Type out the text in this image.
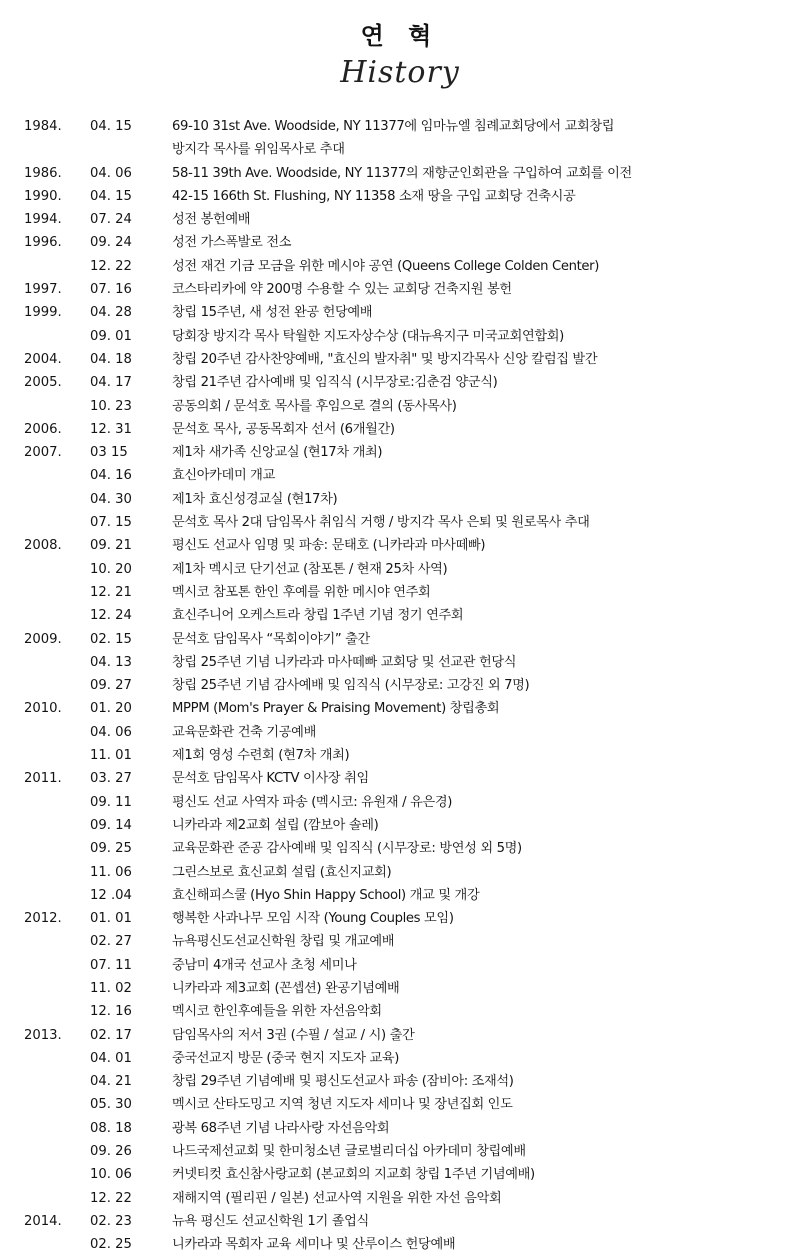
연 혁
History
1984.	04. 15	69-10 31st Ave. Woodside, NY 11377에 임마뉴엘 침례교회당에서 교회창립
방지각 목사를 위임목사로 추대
1986.	04. 06	58-11 39th Ave. Woodside, NY 11377의 재향군인회관을 구입하여 교회를 이전
1990.	04. 15	42-15 166th St. Flushing, NY 11358 소재 땅을 구입 교회당 건축시공
1994.	07. 24	성전 봉헌예배
1996.	09. 24	성전 가스폭발로 전소
12. 22	성전 재건 기금 모금을 위한 메시야 공연 (Queens College Colden Center)
1997.	07. 16	코스타리카에 약 200명 수용할 수 있는 교회당 건축지원 봉헌
1999.	04. 28	창립 15주년, 새 성전 완공 헌당예배
09. 01	당회장 방지각 목사 탁월한 지도자상수상 (대뉴욕지구 미국교회연합회)
2004.	04. 18	창립 20주년 감사찬양예배, "효신의 발자취" 및 방지각목사 신앙 칼럼집 발간
2005.	04. 17	창립 21주년 감사예배 및 임직식 (시무장로:김춘검 양군식)
10. 23	공동의회 / 문석호 목사를 후임으로 결의 (동사목사)
2006.	12. 31	문석호 목사, 공동목회자 선서 (6개월간)
2007.	03 15	제1차 새가족 신앙교실 (현17차 개최)
04. 16	효신아카데미 개교
04. 30	제1차 효신성경교실 (현17차)
07. 15	문석호 목사 2대 담임목사 취임식 거행 / 방지각 목사 은퇴 및 원로목사 추대
2008.	09. 21	평신도 선교사 임명 및 파송: 문태호 (니카라과 마사떼빠)
10. 20	제1차 멕시코 단기선교 (참포톤 / 현재 25차 사역)
12. 21	멕시코 참포톤 한인 후예를 위한 메시야 연주회
12. 24	효신주니어 오케스트라 창립 1주년 기념 정기 연주회
2009.	02. 15	문석호 담임목사 “목회이야기” 출간
04. 13	창립 25주년 기념 니카라과 마사떼빠 교회당 및 선교관 헌당식
09. 27	창립 25주년 기념 감사예배 및 임직식 (시무장로: 고강진 외 7명)
2010.	01. 20	MPPM (Mom's Prayer & Praising Movement) 창립총회
04. 06	교육문화관 건축 기공예배
11. 01	제1회 영성 수련회 (현7차 개최)
2011.	03. 27	문석호 담임목사 KCTV 이사장 취임
09. 11	평신도 선교 사역자 파송 (멕시코: 유원재 / 유은경)
09. 14	니카라과 제2교회 설립 (깜보아 솔레)
09. 25	교육문화관 준공 감사예배 및 임직식 (시무장로: 방연성 외 5명)
11. 06	그린스보로 효신교회 설립 (효신지교회)
12 .04	효신해피스쿨 (Hyo Shin Happy School) 개교 및 개강
2012.	01. 01	행복한 사과나무 모임 시작 (Young Couples 모임)
02. 27	뉴욕평신도선교신학원 창립 및 개교예배
07. 11	중남미 4개국 선교사 초청 세미나
11. 02	니카라과 제3교회 (꼰셉션) 완공기념예배
12. 16	멕시코 한인후예들을 위한 자선음악회
2013.	02. 17	담임목사의 저서 3권 (수필 / 설교 / 시) 출간
04. 01	중국선교지 방문 (중국 현지 지도자 교육)
04. 21	창립 29주년 기념예배 및 평신도선교사 파송 (잠비아: 조재석)
05. 30	멕시코 산타도밍고 지역 청년 지도자 세미나 및 장년집회 인도
08. 18	광복 68주년 기념 나라사랑 자선음악회
09. 26	나드국제선교회 및 한미청소년 글로벌리더십 아카데미 창립예배
10. 06	커넷티컷 효신참사랑교회 (본교회의 지교회 창립 1주년 기념예배)
12. 22	재해지역 (필리핀 / 일본) 선교사역 지원을 위한 자선 음악회
2014.	02. 23	뉴욕 평신도 선교신학원 1기 졸업식
02. 25	니카라과 목회자 교육 세미나 및 산루이스 헌당예배
